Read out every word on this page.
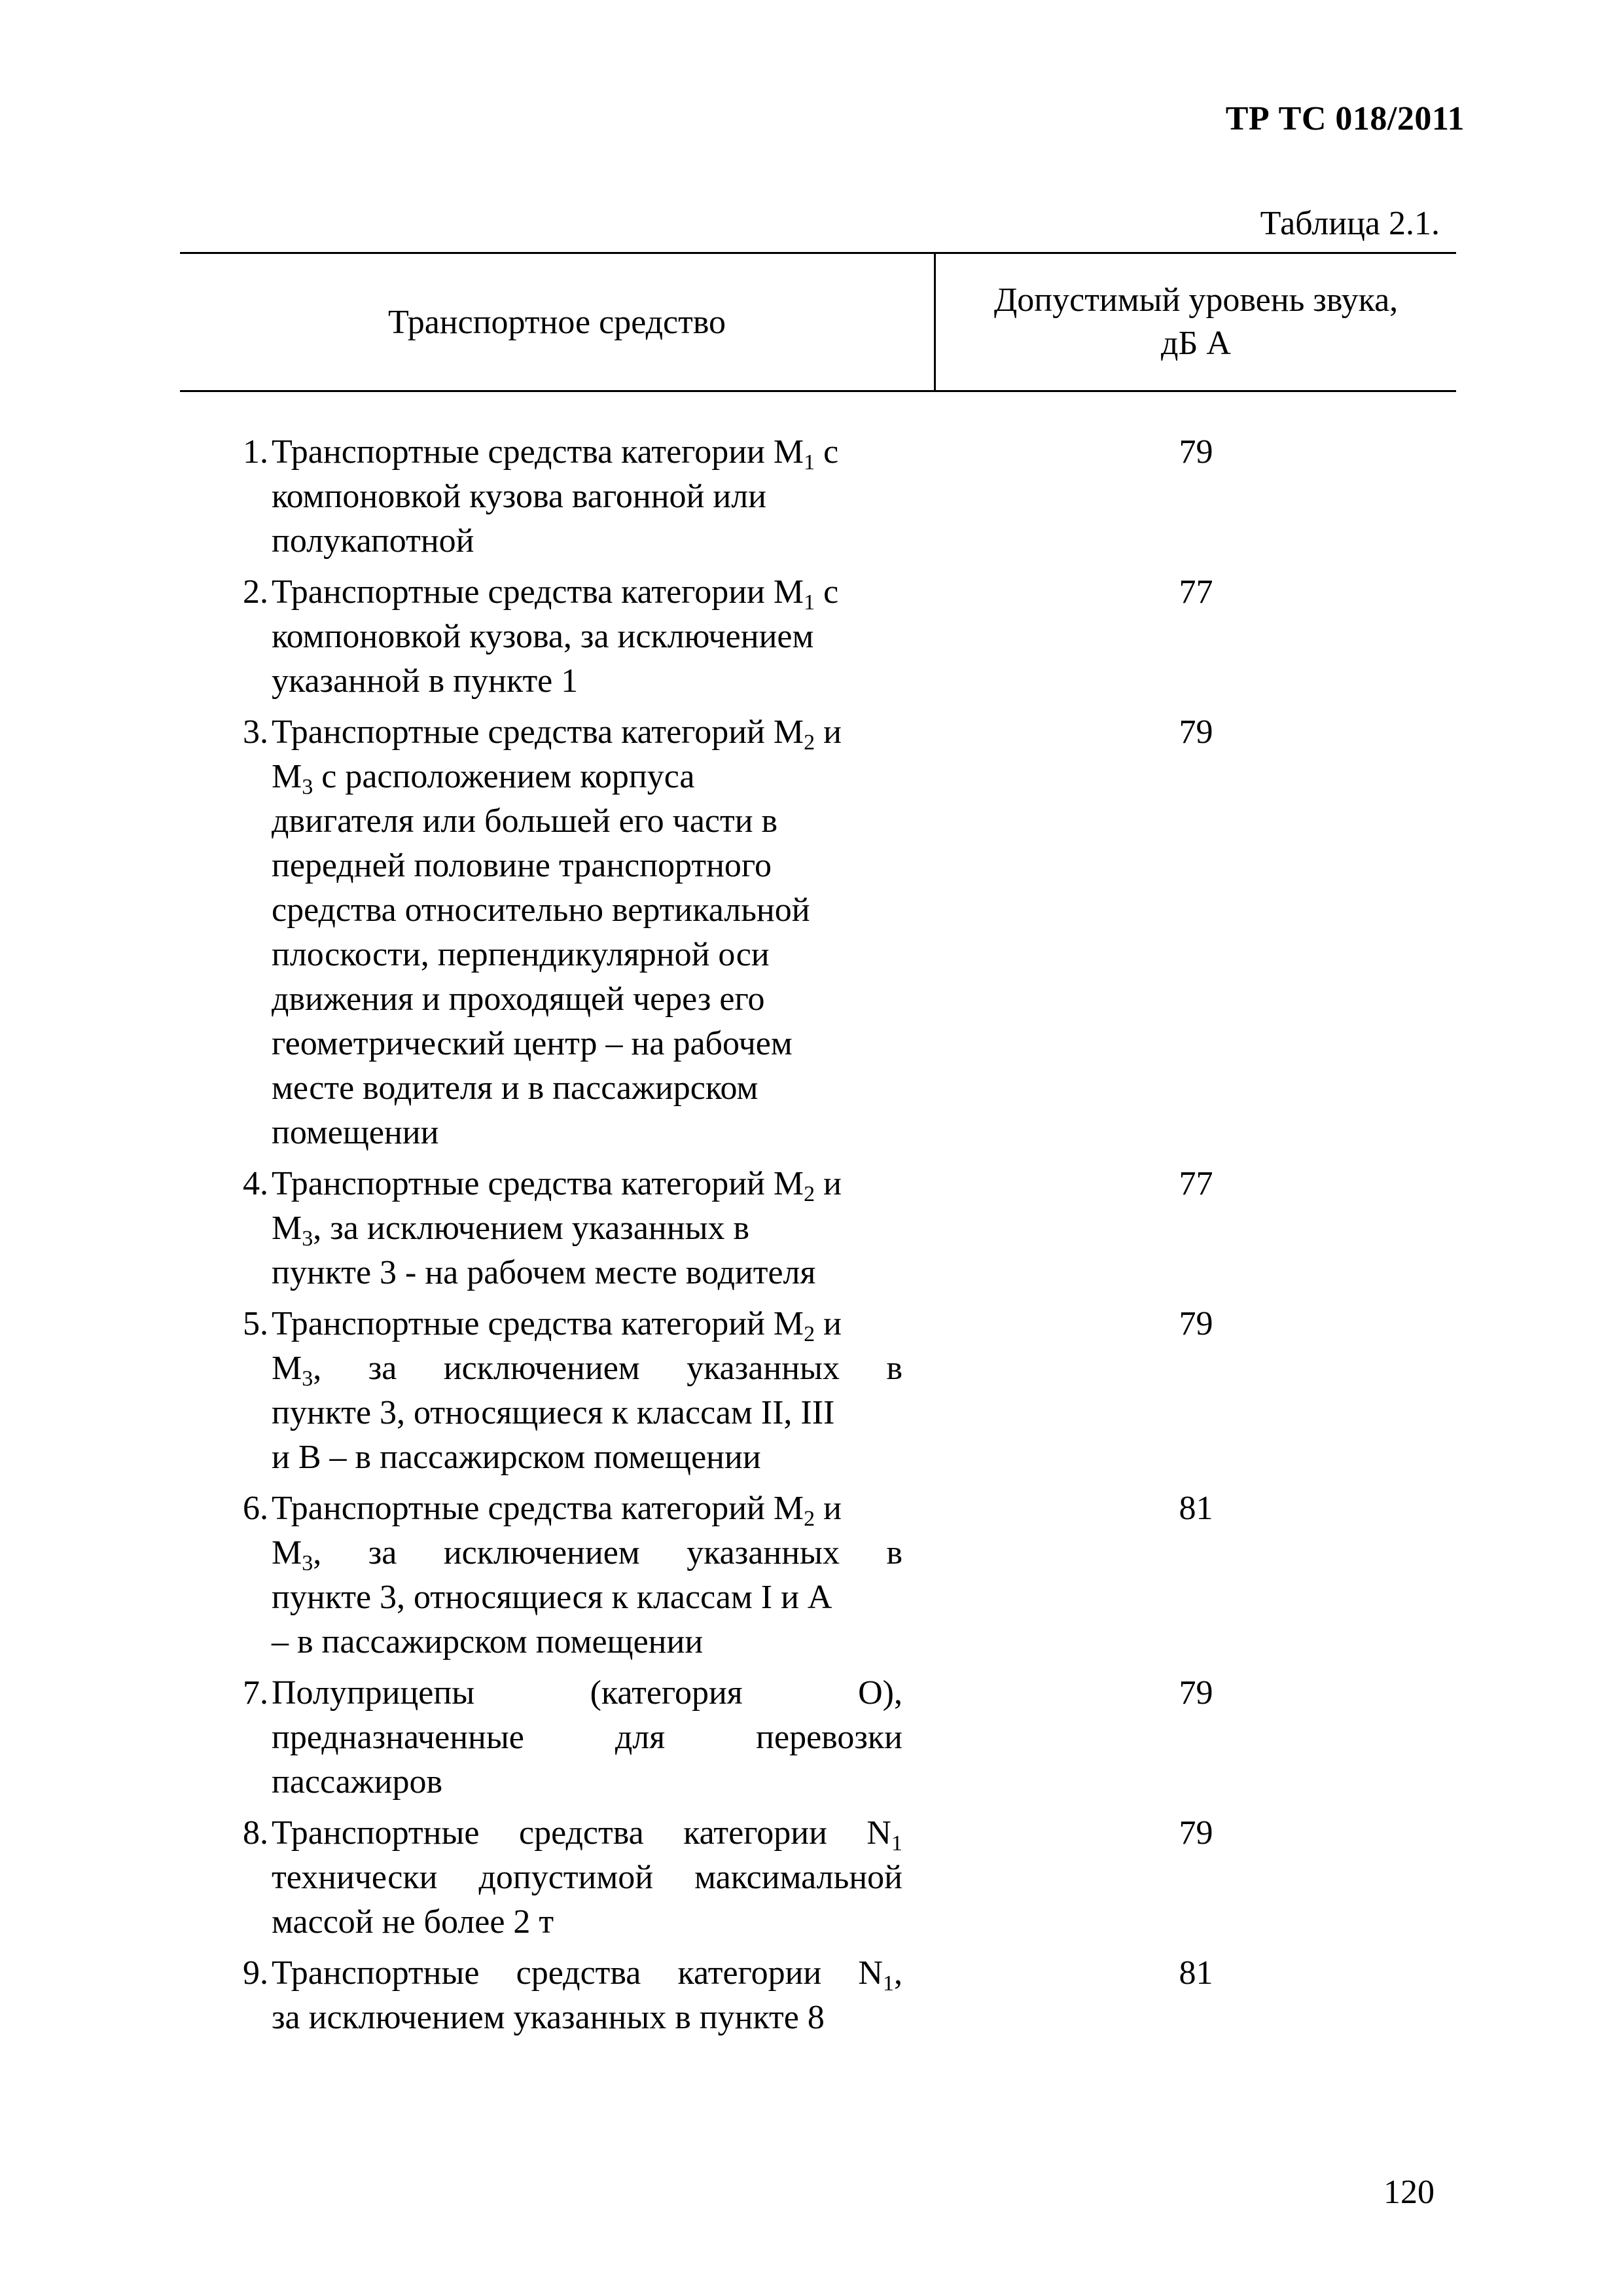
ТР ТС 018/2011
Таблица 2.1.
Транспортное средство
Допустимый уровень звука,
дБ А
1. Транспортные средства категории $М_1$ с
компоновкой кузова вагонной или
полукапотной
79
2. Транспортные средства категории $М_1$ с
компоновкой кузова, за исключением
указанной в пункте 1
77
3. Транспортные средства категорий $М_2$ и
$М_3$ с расположением корпуса
двигателя или большей его части в
передней половине транспортного
средства относительно вертикальной
плоскости, перпендикулярной оси
движения и проходящей через его
геометрический центр – на рабочем
месте водителя и в пассажирском
помещении
79
4. Транспортные средства категорий $М_2$ и
$М_3$, за исключением указанных в
пункте 3 - на рабочем месте водителя
77
5. Транспортные средства категорий $М_2$ и
$М_3$, за исключением указанных в
пункте 3, относящиеся к классам II, III
и В – в пассажирском помещении
79
6. Транспортные средства категорий $М_2$ и
$М_3$, за исключением указанных в
пункте 3, относящиеся к классам I и А
– в пассажирском помещении
81
7. Полуприцепы (категория О),
предназначенные для перевозки
пассажиров
79
8. Транспортные средства категории $N_1$
технически допустимой максимальной
массой не более 2 т
79
9. Транспортные средства категории $N_1$,
за исключением указанных в пункте 8
81
120
